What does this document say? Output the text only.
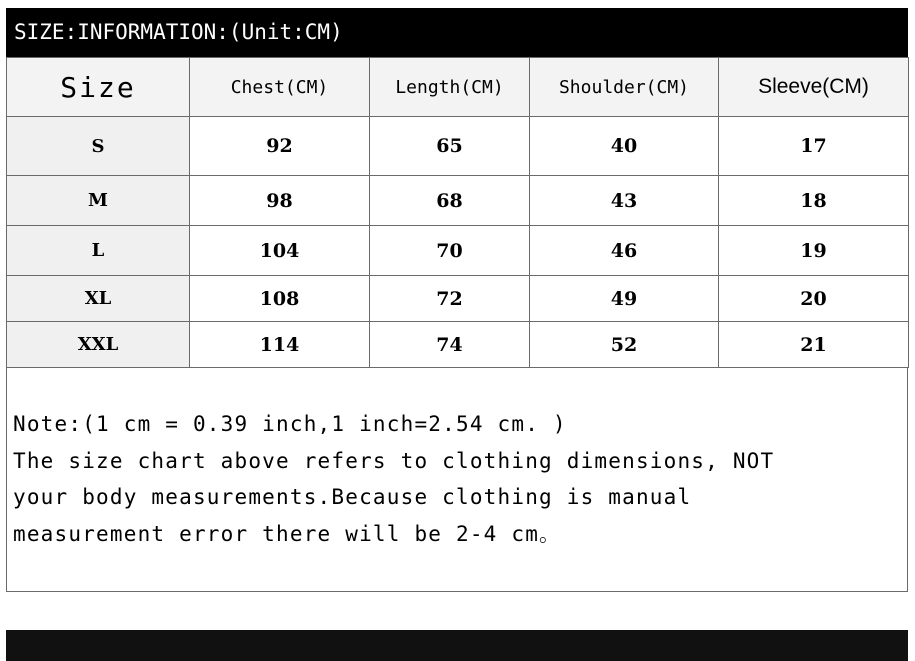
SIZE:INFORMATION:(Unit:CM)
Size	Chest(CM)	Length(CM)	Shoulder(CM)	Sleeve(CM)
S	92	65	40	17
M	98	68	43	18
L	104	70	46	19
XL	108	72	49	20
XXL	114	74	52	21
Note:(1 cm = 0.39 inch,1 inch=2.54 cm. )
The size chart above refers to clothing dimensions, NOT
your body measurements.Because clothing is manual
measurement error there will be 2-4 cm。
